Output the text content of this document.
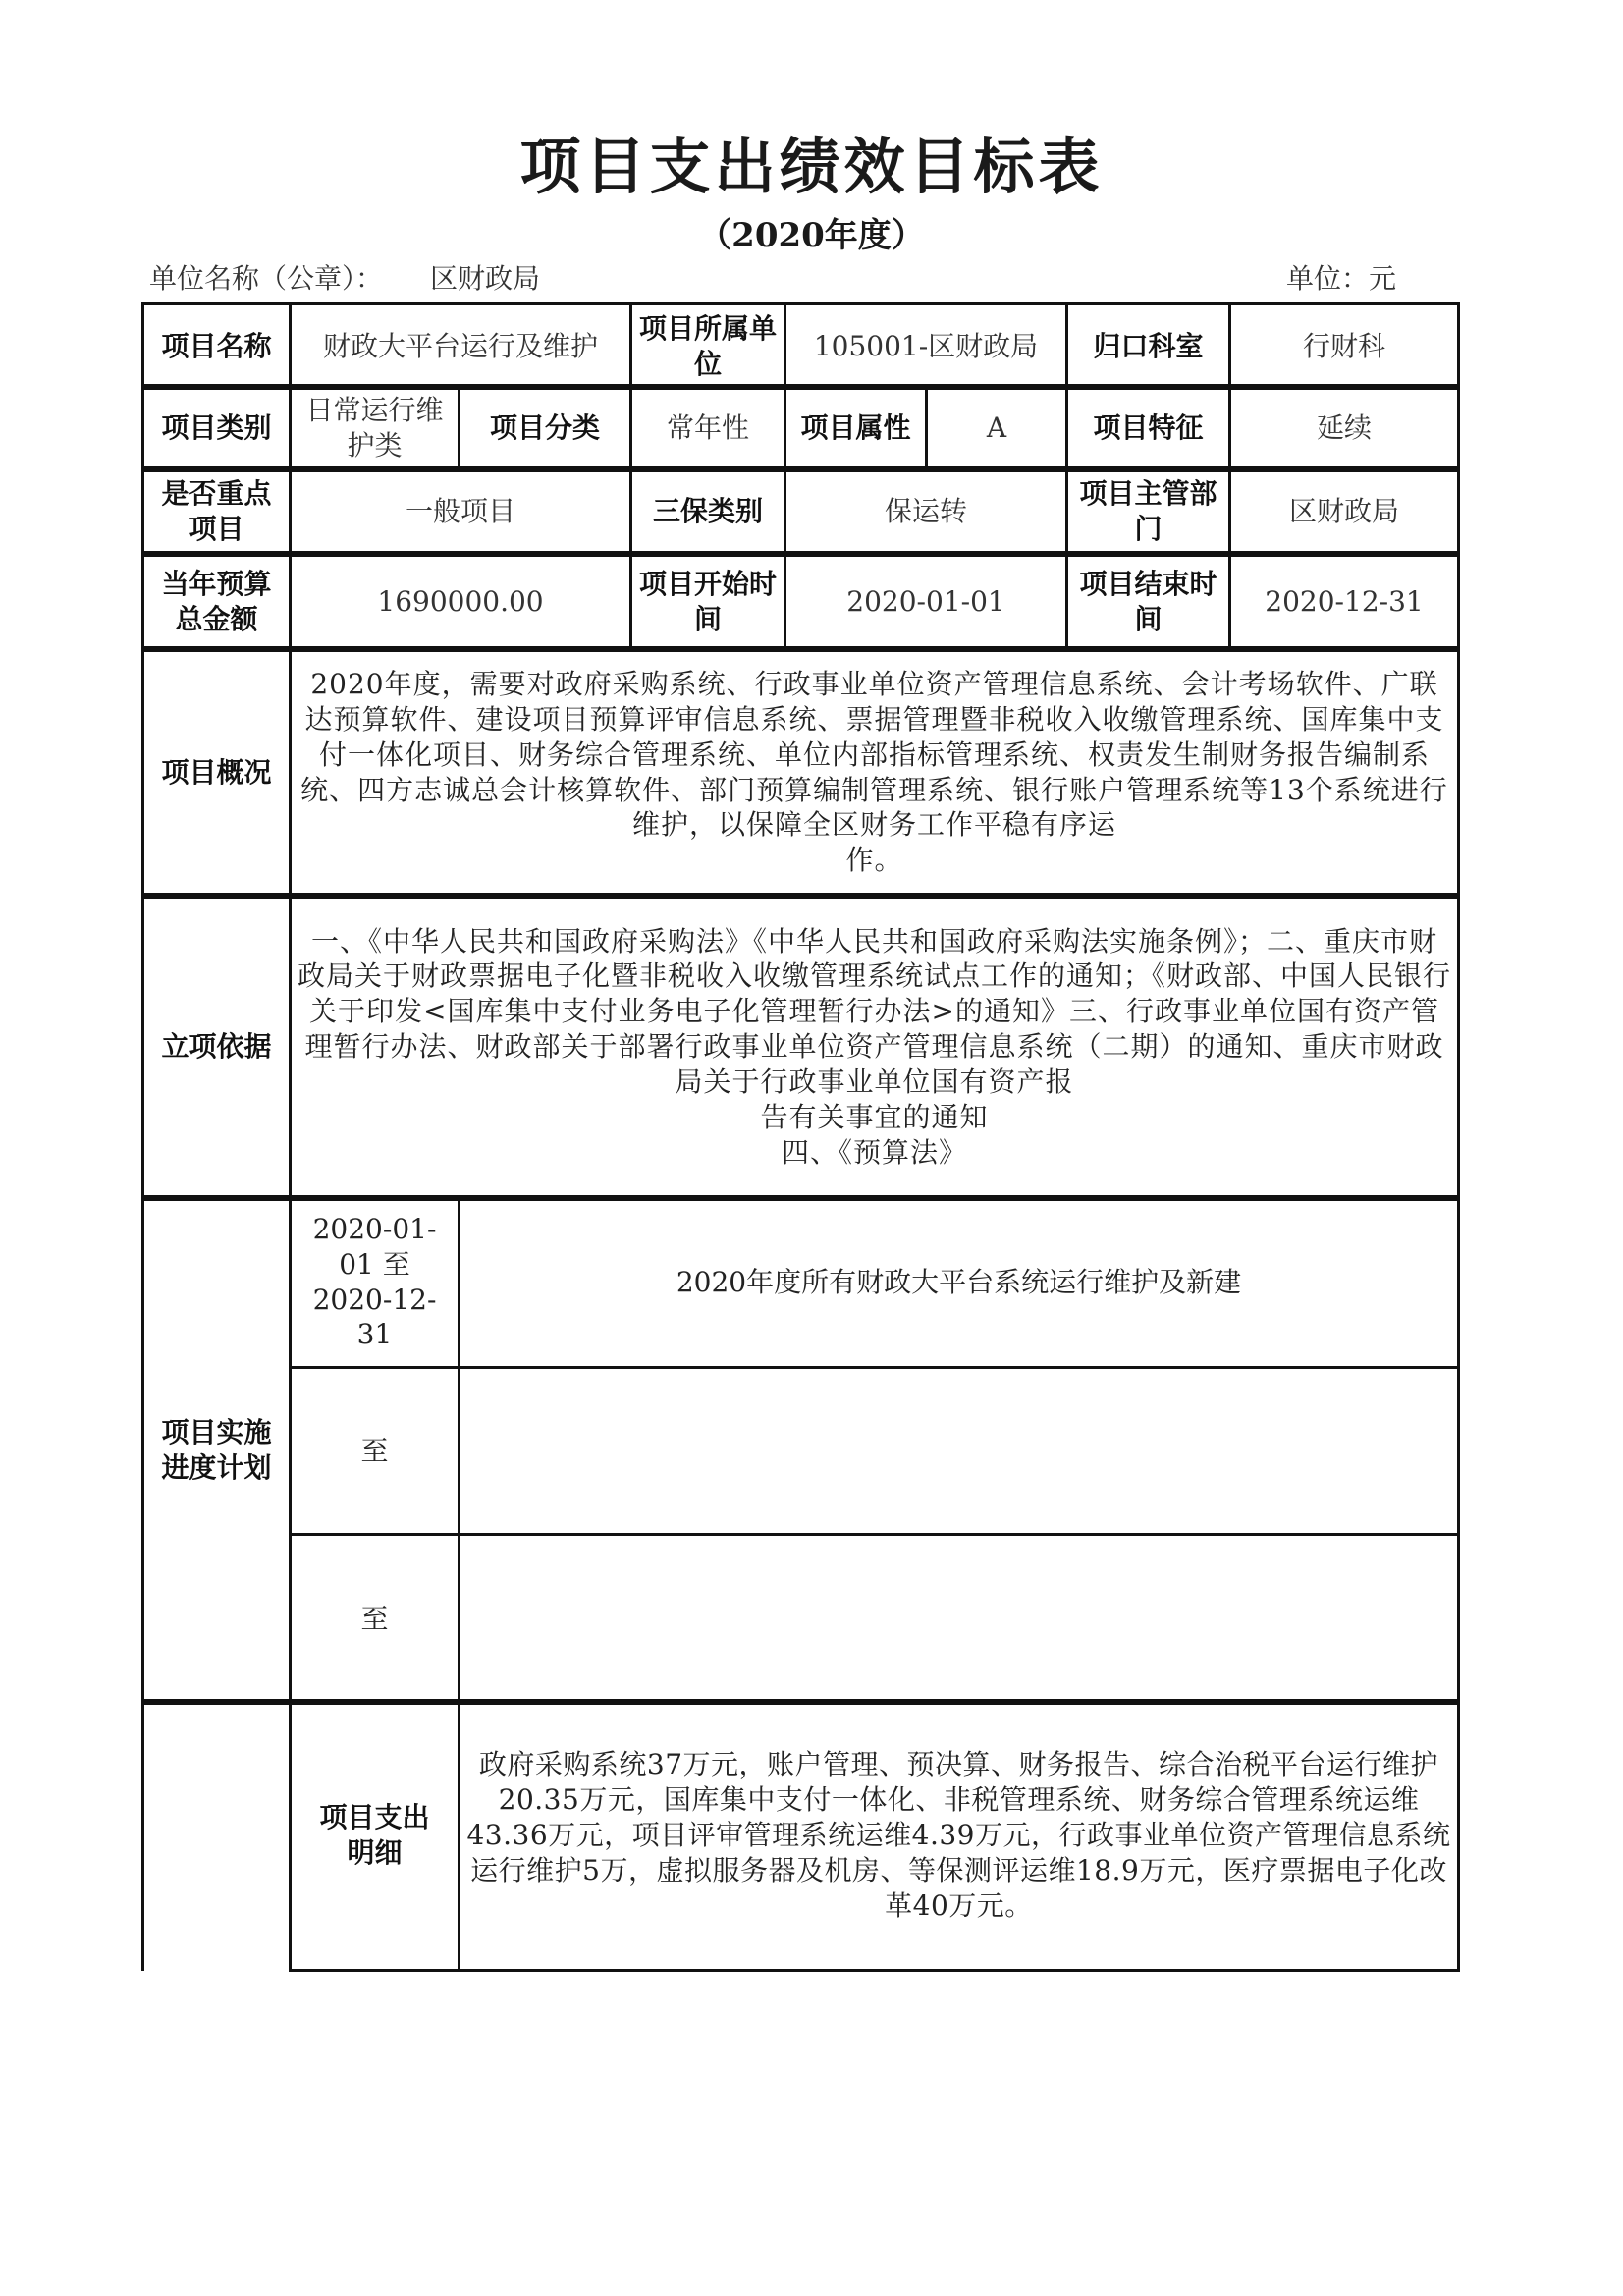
项目支出绩效目标表
（2020年度）
单位名称（公章）： 区财政局	单位：元
项目名称	财政大平台运行及维护	项目所属单位	105001-区财政局	归口科室	行财科
项目类别	日常运行维护类	项目分类	常年性	项目属性	A	项目特征	延续
是否重点项目	一般项目	三保类别	保运转	项目主管部门	区财政局
当年预算总金额	1690000.00	项目开始时间	2020-01-01	项目结束时间	2020-12-31
项目概况	2020年度，需要对政府采购系统、行政事业单位资产管理信息系统、会计考场软件、广联达预算软件、建设项目预算评审信息系统、票据管理暨非税收入收缴管理系统、国库集中支付一体化项目、财务综合管理系统、单位内部指标管理系统、权责发生制财务报告编制系统、四方志诚总会计核算软件、部门预算编制管理系统、银行账户管理系统等13个系统进行维护，以保障全区财务工作平稳有序运
作。
立项依据	一、《中华人民共和国政府采购法》《中华人民共和国政府采购法实施条例》；二、重庆市财政局关于财政票据电子化暨非税收入收缴管理系统试点工作的通知；《财政部、中国人民银行关于印发<国库集中支付业务电子化管理暂行办法>的通知》三、行政事业单位国有资产管理暂行办法、财政部关于部署行政事业单位资产管理信息系统（二期）的通知、重庆市财政局关于行政事业单位国有资产报
告有关事宜的通知
四、《预算法》
项目实施进度计划	2020-01-01 至 2020-12-31	2020年度所有财政大平台系统运行维护及新建
	至	
	至	
	项目支出明细	政府采购系统37万元，账户管理、预决算、财务报告、综合治税平台运行维护20.35万元，国库集中支付一体化、非税管理系统、财务综合管理系统运维43.36万元，项目评审管理系统运维4.39万元，行政事业单位资产管理信息系统运行维护5万，虚拟服务器及机房、等保测评运维18.9万元，医疗票据电子化改革40万元。
